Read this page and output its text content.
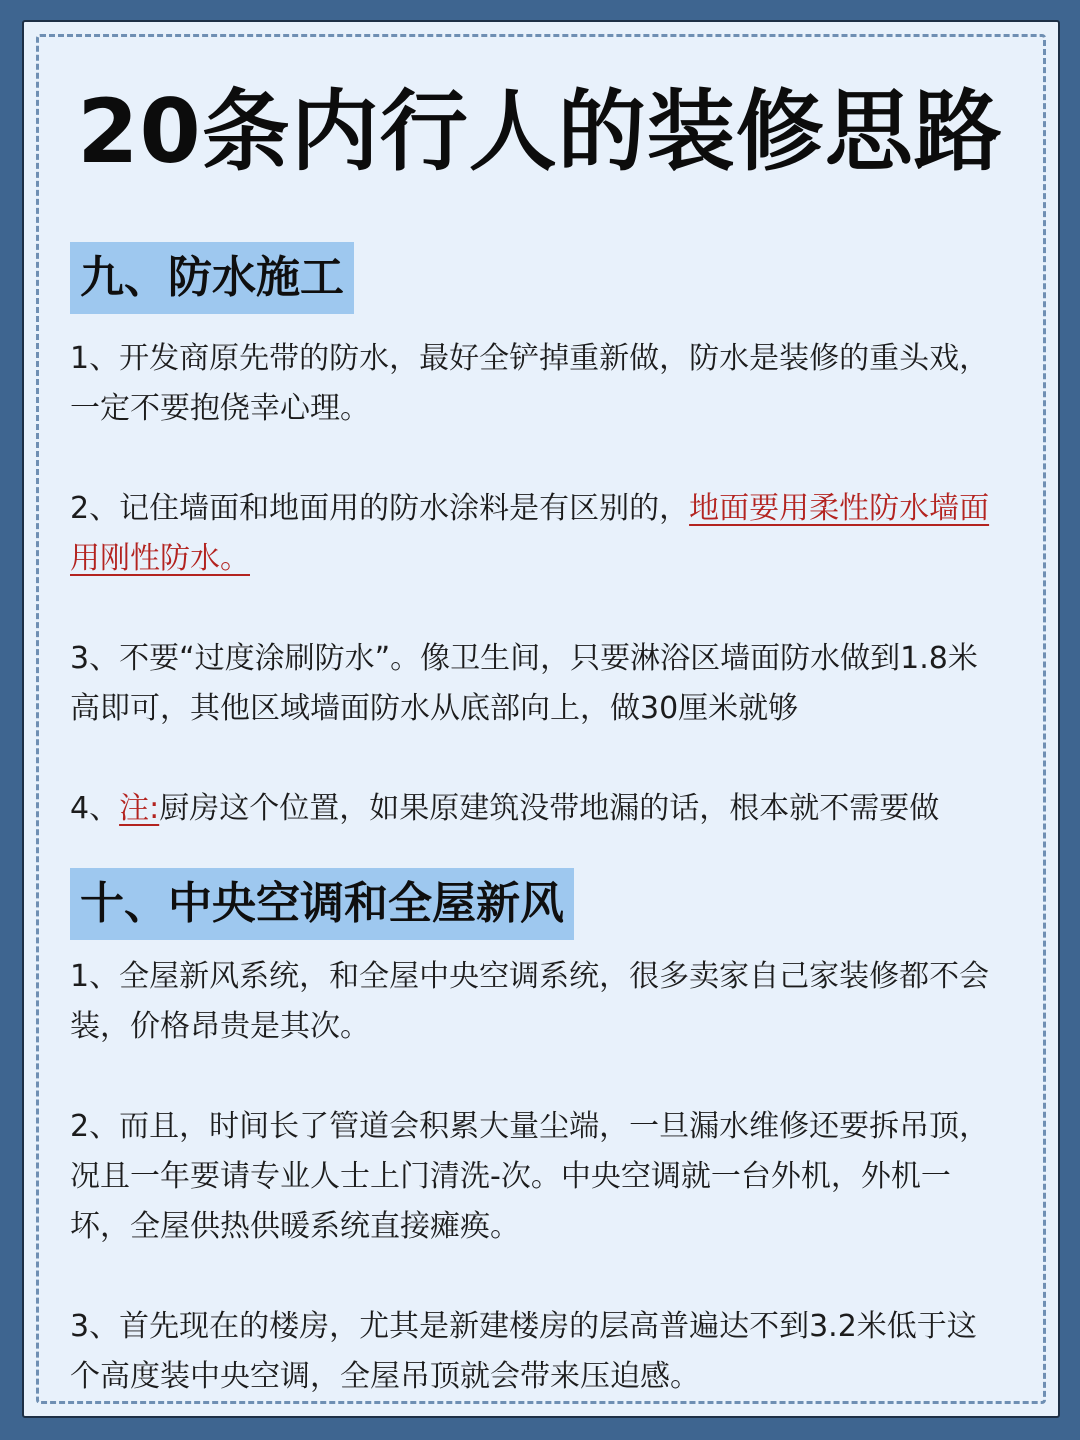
20条内行人的装修思路
九、防水施工

1、开发商原先带的防水，最好全铲掉重新做，防水是装修的重头戏，一定不要抱侥幸心理。

2、记住墙面和地面用的防水涂料是有区别的，地面要用柔性防水墙面用刚性防水。

3、不要“过度涂刷防水”。像卫生间，只要淋浴区墙面防水做到1.8米高即可，其他区域墙面防水从底部向上，做30厘米就够

4、注:厨房这个位置，如果原建筑没带地漏的话，根本就不需要做

十、中央空调和全屋新风

1、全屋新风系统，和全屋中央空调系统，很多卖家自己家装修都不会装，价格昂贵是其次。

2、而且，时间长了管道会积累大量尘端，一旦漏水维修还要拆吊顶，况且一年要请专业人士上门清洗-次。中央空调就一台外机，外机一坏，全屋供热供暖系统直接瘫痪。

3、首先现在的楼房，尤其是新建楼房的层高普遍达不到3.2米低于这个高度装中央空调，全屋吊顶就会带来压迫感。
